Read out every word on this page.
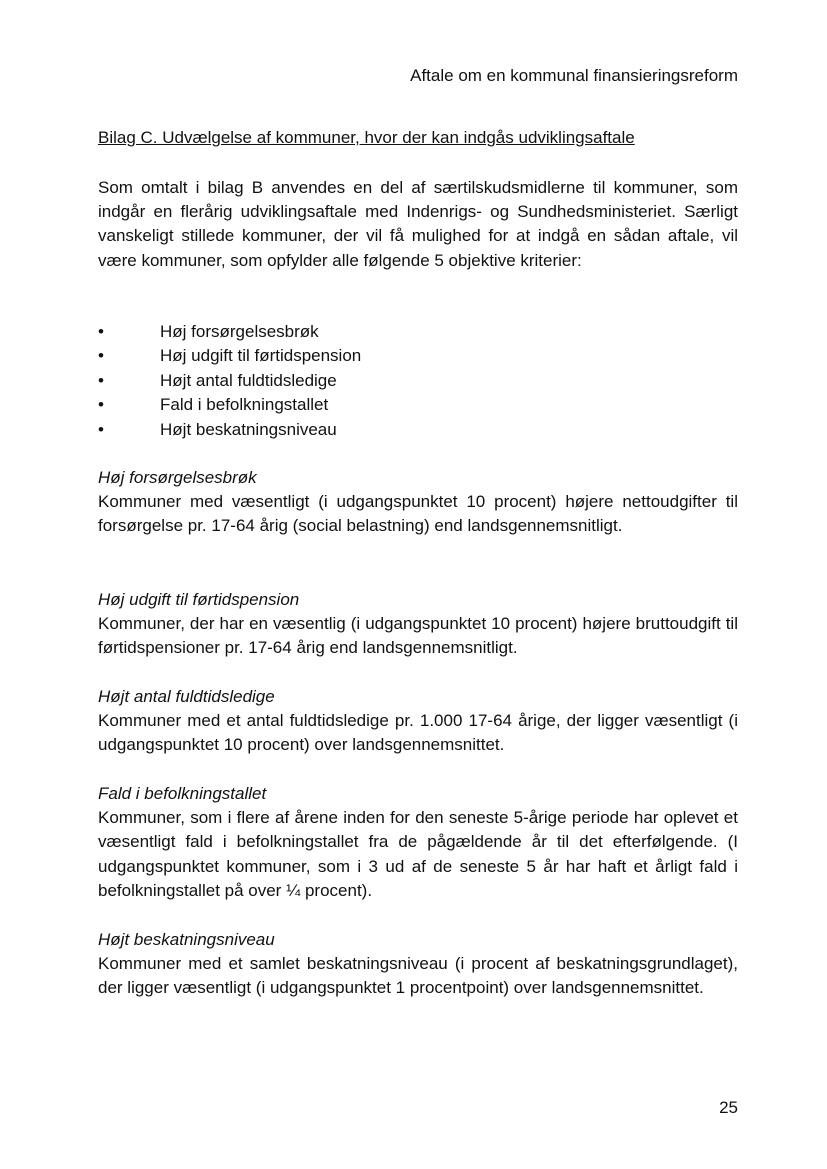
Aftale om en kommunal finansieringsreform
Bilag C. Udvælgelse af kommuner, hvor der kan indgås udviklingsaftale

Som omtalt i bilag B anvendes en del af særtilskudsmidlerne til kommuner, som indgår en flerårig udviklingsaftale med Indenrigs- og Sundhedsministeriet. Særligt vanskeligt stillede kommuner, der vil få mulighed for at indgå en sådan aftale, vil være kommuner, som opfylder alle følgende 5 objektive kriterier:

•	Høj forsørgelsesbrøk
•	Høj udgift til førtidspension
•	Højt antal fuldtidsledige
•	Fald i befolkningstallet
•	Højt beskatningsniveau
Høj forsørgelsesbrøk

Kommuner med væsentligt (i udgangspunktet 10 procent) højere nettoudgifter til forsørgelse pr. 17-64 årig (social belastning) end landsgennemsnitligt.

Høj udgift til førtidspension

Kommuner, der har en væsentlig (i udgangspunktet 10 procent) højere bruttoudgift til førtidspensioner pr. 17-64 årig end landsgennemsnitligt.

Højt antal fuldtidsledige

Kommuner med et antal fuldtidsledige pr. 1.000 17-64 årige, der ligger væsentligt (i udgangspunktet 10 procent) over landsgennemsnittet.

Fald i befolkningstallet

Kommuner, som i flere af årene inden for den seneste 5-årige periode har oplevet et væsentligt fald i befolkningstallet fra de pågældende år til det efterfølgende. (I udgangspunktet kommuner, som i 3 ud af de seneste 5 år har haft et årligt fald i befolkningstallet på over ¼ procent).

Højt beskatningsniveau

Kommuner med et samlet beskatningsniveau (i procent af beskatningsgrundlaget), der ligger væsentligt (i udgangspunktet 1 procentpoint) over landsgennemsnittet.

25
